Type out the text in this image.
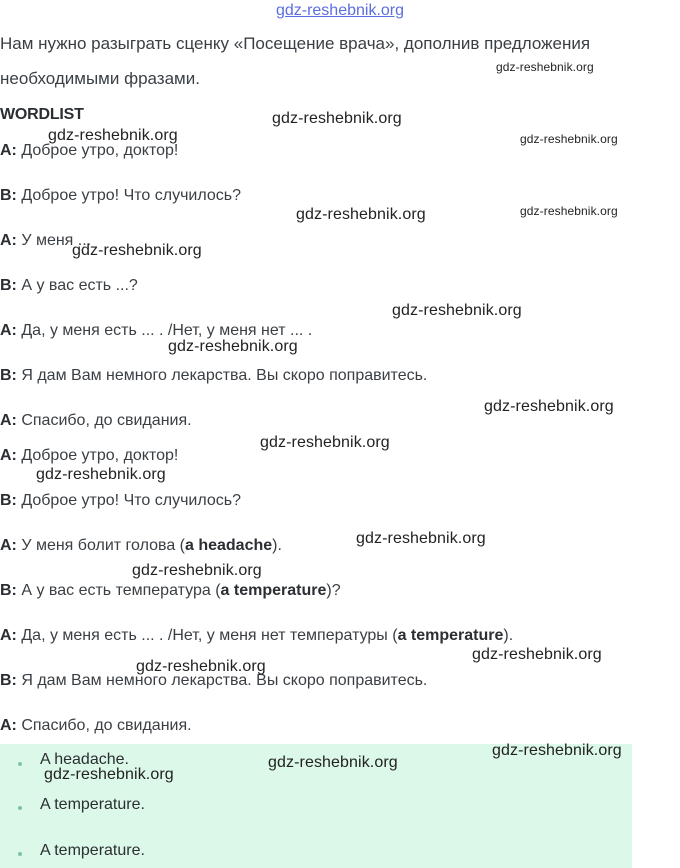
gdz-reshebnik.org
Нам нужно разыграть сценку «Посещение врача», дополнив предложения
необходимыми фразами.
WORDLIST
A: Доброе утро, доктор!
B: Доброе утро! Что случилось?
A: У меня ...
B: А у вас есть ...?
A: Да, у меня есть ... . /Нет, у меня нет ... .
B: Я дам Вам немного лекарства. Вы скоро поправитесь.
A: Спасибо, до свидания.
A: Доброе утро, доктор!
B: Доброе утро! Что случилось?
A: У меня болит голова (a headache).
B: А у вас есть температура (a temperature)?
A: Да, у меня есть ... . /Нет, у меня нет температуры (a temperature).
B: Я дам Вам немного лекарства. Вы скоро поправитесь.
A: Спасибо, до свидания.
A headache.
A temperature.
A temperature.
gdz-reshebnik.org
gdz-reshebnik.org
gdz-reshebnik.org	gdz-reshebnik.org
gdz-reshebnik.org	gdz-reshebnik.org
gdz-reshebnik.org
gdz-reshebnik.org
gdz-reshebnik.org
gdz-reshebnik.org
gdz-reshebnik.org
gdz-reshebnik.org
gdz-reshebnik.org
gdz-reshebnik.org
gdz-reshebnik.org
gdz-reshebnik.org
gdz-reshebnik.org
gdz-reshebnik.org
gdz-reshebnik.org
